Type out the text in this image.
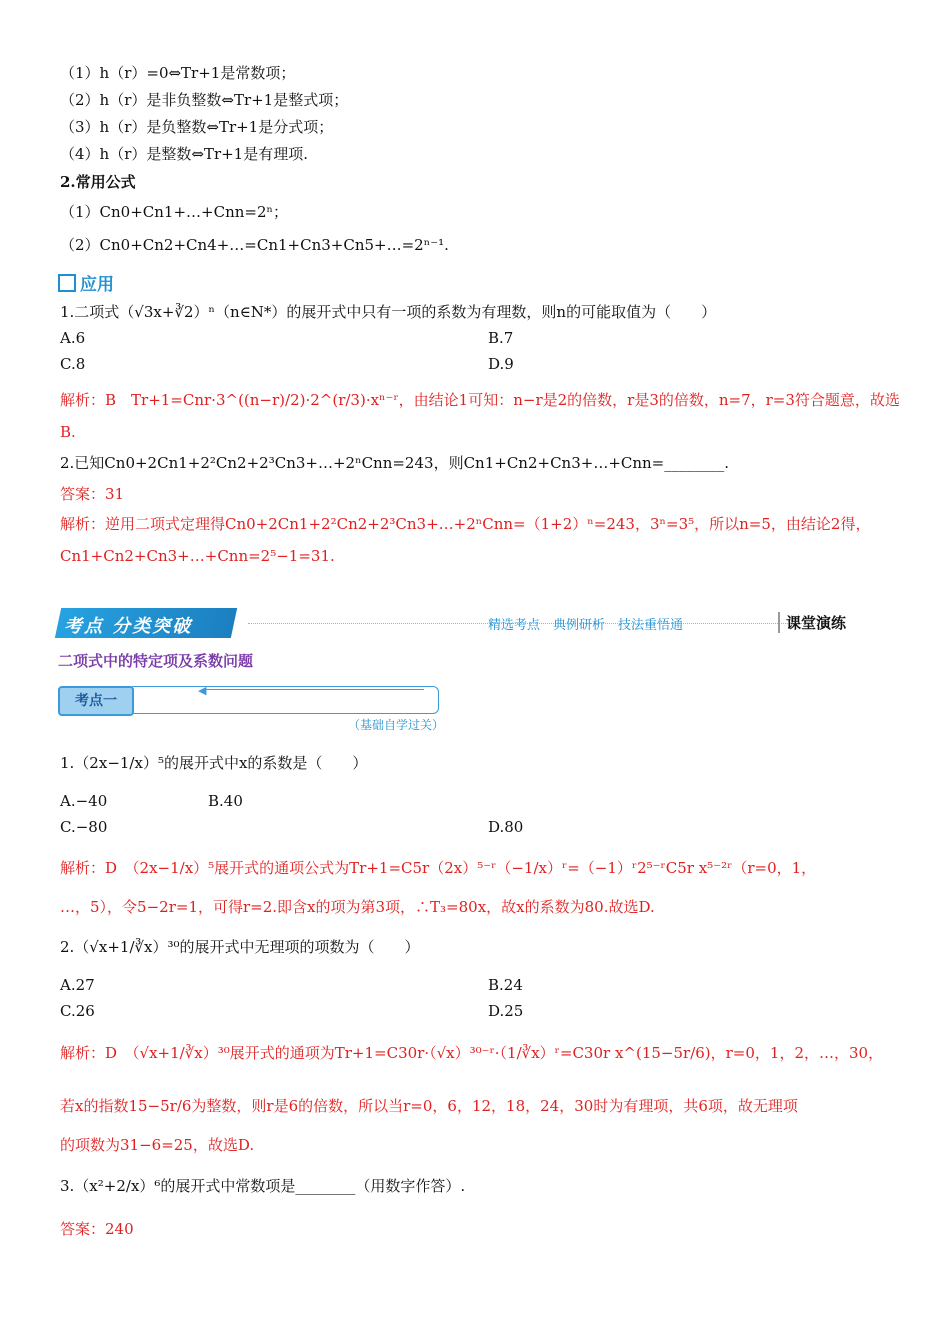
（1）h（r）=0⇔Tr+1是常数项；
（2）h（r）是非负整数⇔Tr+1是整式项；
（3）h（r）是负整数⇔Tr+1是分式项；
（4）h（r）是整数⇔Tr+1是有理项.
2.常用公式
（1）Cn0+Cn1+…+Cnn=2ⁿ；
（2）Cn0+Cn2+Cn4+…=Cn1+Cn3+Cn5+…=2ⁿ⁻¹.
应用
1.二项式（√3x+∛2）ⁿ（n∈N*）的展开式中只有一项的系数为有理数，则n的可能取值为（　　）
A.6	B.7
C.8	D.9
解析：B　Tr+1=Cnr·3^((n−r)/2)·2^(r/3)·xⁿ⁻ʳ，由结论1可知：n−r是2的倍数，r是3的倍数，n=7，r=3符合题意，故选
B.
2.已知Cn0+2Cn1+2²Cn2+2³Cn3+…+2ⁿCnn=243，则Cn1+Cn2+Cn3+…+Cnn=________.
答案：31
解析：逆用二项式定理得Cn0+2Cn1+2²Cn2+2³Cn3+…+2ⁿCnn=（1+2）ⁿ=243，3ⁿ=3⁵，所以n=5，由结论2得，
Cn1+Cn2+Cn3+…+Cnn=2⁵−1=31.
考点 分类突破	精选考点　典例研析　技法重悟通	课堂演练
二项式中的特定项及系数问题
考点一
◀
（基础自学过关）
1.（2x−1/x）⁵的展开式中x的系数是（　　）
A.−40	B.40
C.−80	D.80
解析：D　（2x−1/x）⁵展开式的通项公式为Tr+1=C5r（2x）⁵⁻ʳ（−1/x）ʳ=（−1）ʳ2⁵⁻ʳC5r x⁵⁻²ʳ（r=0，1，
…，5），令5−2r=1，可得r=2.即含x的项为第3项，∴T₃=80x，故x的系数为80.故选D.
2.（√x+1/∛x）³⁰的展开式中无理项的项数为（　　）
A.27	B.24
C.26	D.25
解析：D　（√x+1/∛x）³⁰展开式的通项为Tr+1=C30r·（√x）³⁰⁻ʳ·（1/∛x）ʳ=C30r x^(15−5r/6)，r=0，1，2，…，30，
若x的指数15−5r/6为整数，则r是6的倍数，所以当r=0，6，12，18，24，30时为有理项，共6项，故无理项
的项数为31−6=25，故选D.
3.（x²+2/x）⁶的展开式中常数项是________（用数字作答）.
答案：240
